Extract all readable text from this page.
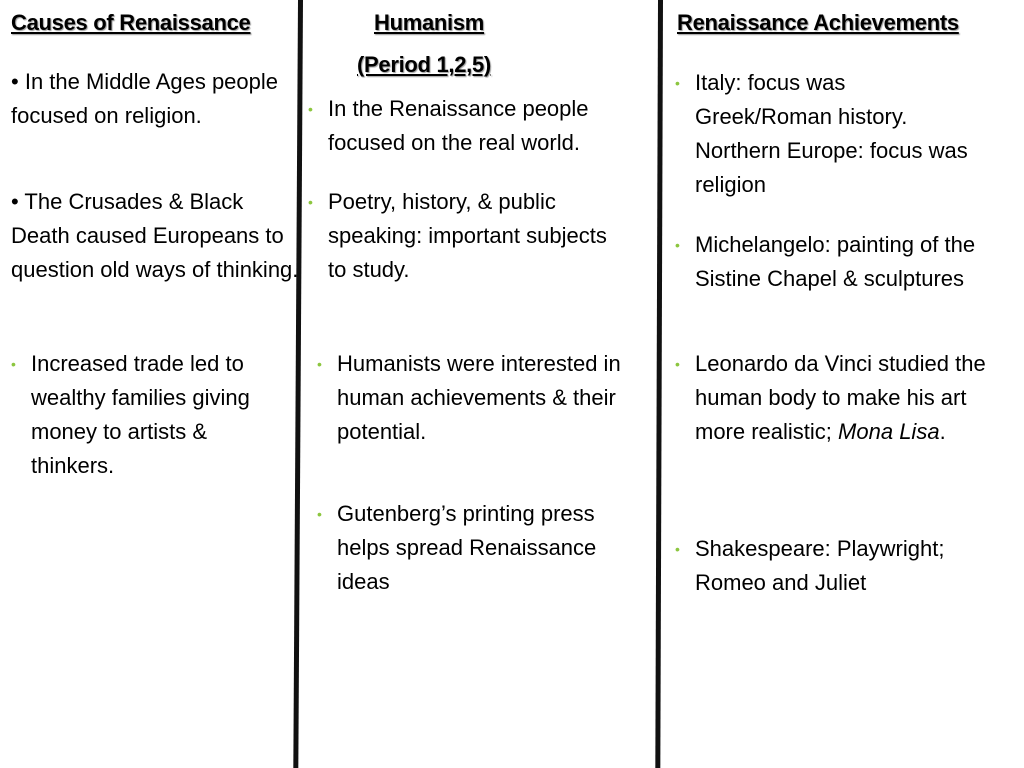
Causes of Renaissance
• In the Middle Ages people focused on religion.
• The Crusades & Black Death caused Europeans to question old ways of thinking.
• Increased trade led to wealthy families giving money to artists & thinkers.
Humanism
(Period 1,2,5)
• In the Renaissance people focused on the real world.
• Poetry, history, & public speaking: important subjects to study.
• Humanists were interested in human achievements & their potential.
• Gutenberg’s printing press helps spread Renaissance ideas
Renaissance Achievements
• Italy: focus was Greek/Roman history. Northern Europe: focus was religion
• Michelangelo: painting of the Sistine Chapel & sculptures
• Leonardo da Vinci studied the human body to make his art more realistic; Mona Lisa.
• Shakespeare: Playwright; Romeo and Juliet
